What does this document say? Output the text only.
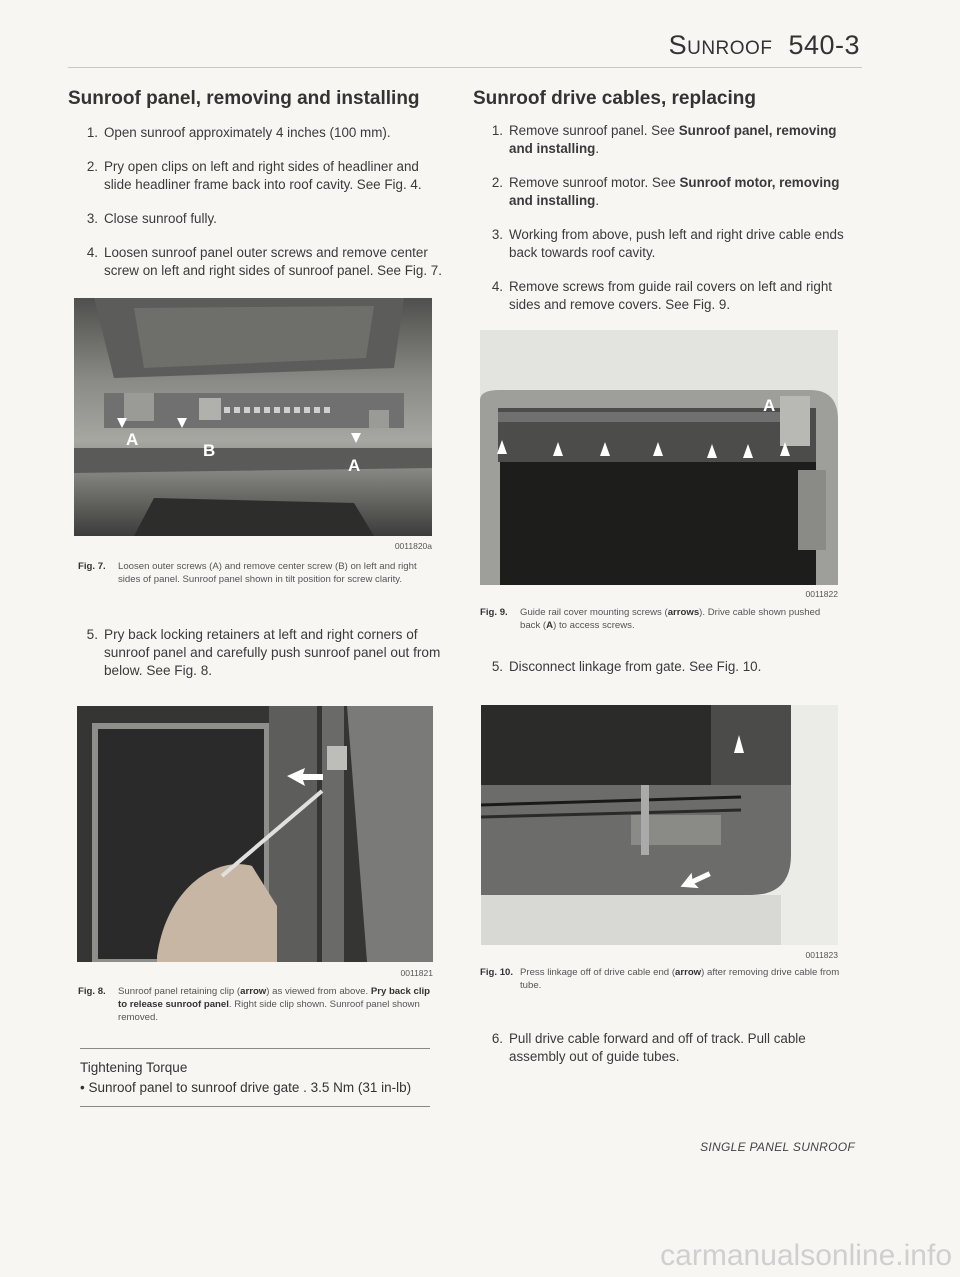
Sunroof 540-3
Sunroof panel, removing and installing
1. Open sunroof approximately 4 inches (100 mm).
2. Pry open clips on left and right sides of headliner and slide headliner frame back into roof cavity. See Fig. 4.
3. Close sunroof fully.
4. Loosen sunroof panel outer screws and remove center screw on left and right sides of sunroof panel. See Fig. 7.
A
B
A
0011820a
Fig. 7.	Loosen outer screws (A) and remove center screw (B) on left and right sides of panel. Sunroof panel shown in tilt position for screw clarity.
5. Pry back locking retainers at left and right corners of sunroof panel and carefully push sunroof panel out from below. See Fig. 8.
0011821
Fig. 8.	Sunroof panel retaining clip (arrow) as viewed from above. Pry back clip to release sunroof panel. Right side clip shown. Sunroof panel shown removed.
Tightening Torque
• Sunroof panel to sunroof drive gate . 3.5 Nm (31 in-lb)
Sunroof drive cables, replacing
1. Remove sunroof panel. See Sunroof panel, removing and installing.
2. Remove sunroof motor. See Sunroof motor, removing and installing.
3. Working from above, push left and right drive cable ends back towards roof cavity.
4. Remove screws from guide rail covers on left and right sides and remove covers. See Fig. 9.
A
0011822
Fig. 9.	Guide rail cover mounting screws (arrows). Drive cable shown pushed back (A) to access screws.
5. Disconnect linkage from gate. See Fig. 10.
0011823
Fig. 10. Press linkage off of drive cable end (arrow) after removing drive cable from tube.
6. Pull drive cable forward and off of track. Pull cable assembly out of guide tubes.
SINGLE PANEL SUNROOF
carmanualsonline.info
